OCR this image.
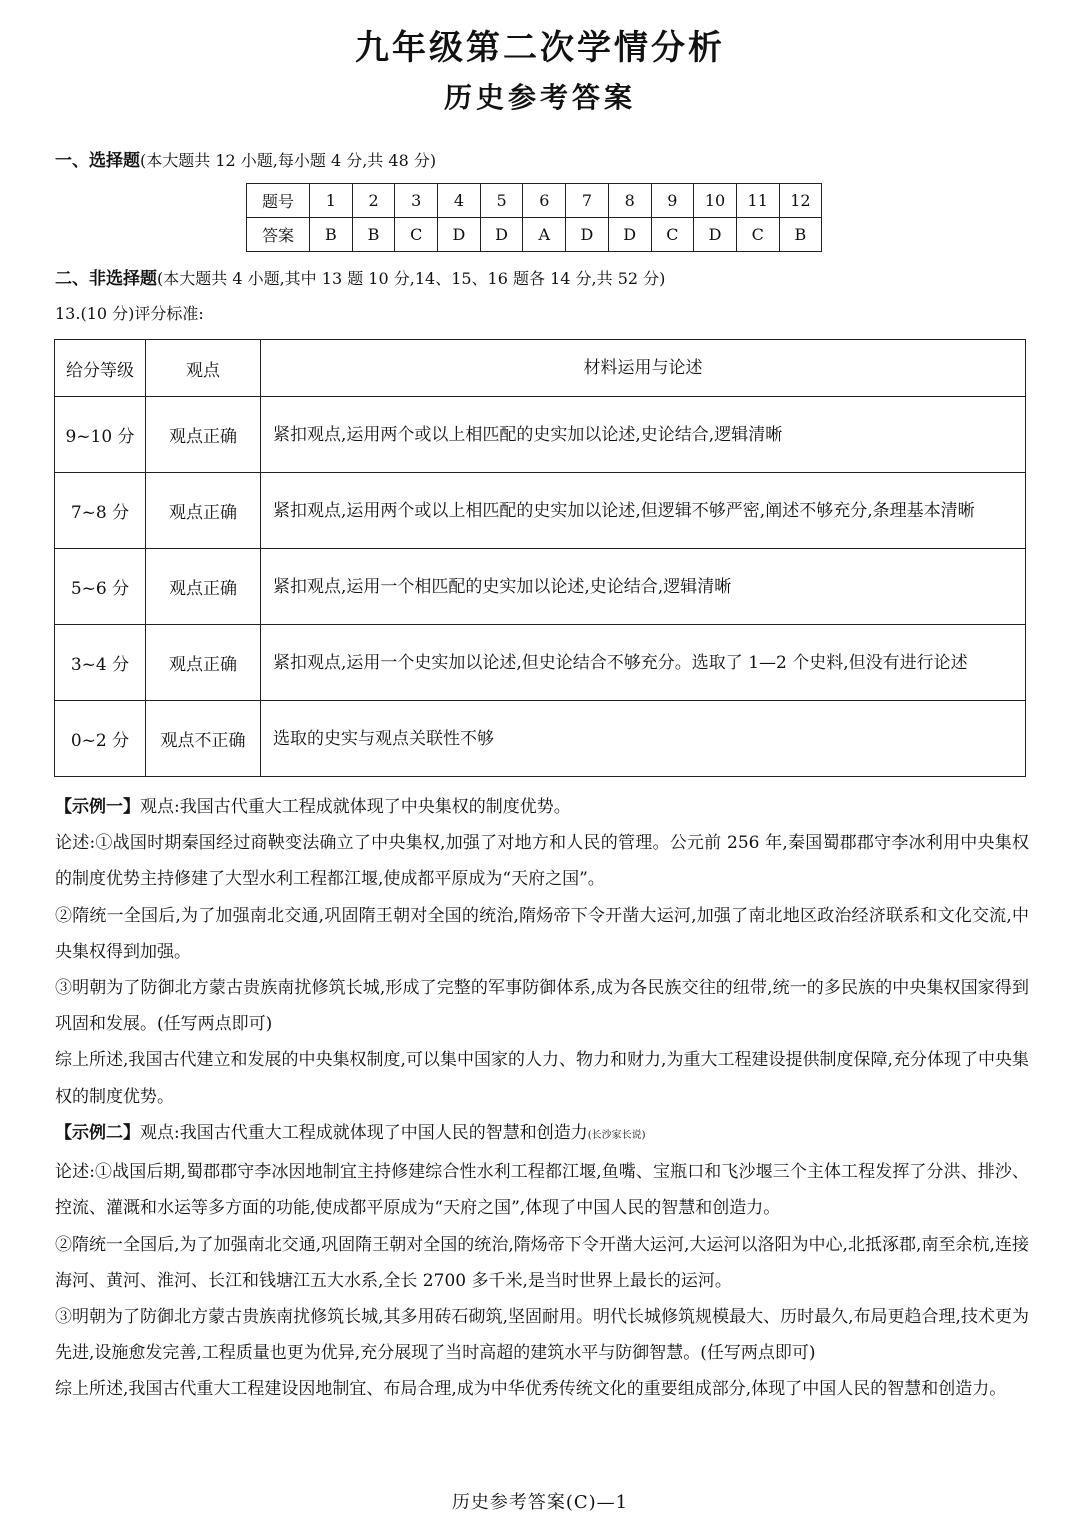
九年级第二次学情分析
历史参考答案
一、选择题(本大题共 12 小题,每小题 4 分,共 48 分)
题号	1	2	3	4	5	6	7	8	9	10	11	12
答案	B	B	C	D	D	A	D	D	C	D	C	B
二、非选择题(本大题共 4 小题,其中 13 题 10 分,14、15、16 题各 14 分,共 52 分)
13.(10 分)评分标准:
给分等级	观点	材料运用与论述
9~10 分	观点正确	紧扣观点,运用两个或以上相匹配的史实加以论述,史论结合,逻辑清晰
7~8 分	观点正确	紧扣观点,运用两个或以上相匹配的史实加以论述,但逻辑不够严密,阐述不够充分,条理基本清晰
5~6 分	观点正确	紧扣观点,运用一个相匹配的史实加以论述,史论结合,逻辑清晰
3~4 分	观点正确	紧扣观点,运用一个史实加以论述,但史论结合不够充分。选取了 1—2 个史料,但没有进行论述
0~2 分	观点不正确	选取的史实与观点关联性不够

【示例一】观点:我国古代重大工程成就体现了中央集权的制度优势。

论述:①战国时期秦国经过商鞅变法确立了中央集权,加强了对地方和人民的管理。公元前 256 年,秦国蜀郡郡守李冰利用中央集权的制度优势主持修建了大型水利工程都江堰,使成都平原成为“天府之国”。

②隋统一全国后,为了加强南北交通,巩固隋王朝对全国的统治,隋炀帝下令开凿大运河,加强了南北地区政治经济联系和文化交流,中央集权得到加强。

③明朝为了防御北方蒙古贵族南扰修筑长城,形成了完整的军事防御体系,成为各民族交往的纽带,统一的多民族的中央集权国家得到巩固和发展。(任写两点即可)

综上所述,我国古代建立和发展的中央集权制度,可以集中国家的人力、物力和财力,为重大工程建设提供制度保障,充分体现了中央集权的制度优势。

【示例二】观点:我国古代重大工程成就体现了中国人民的智慧和创造力(长沙家长说)

论述:①战国后期,蜀郡郡守李冰因地制宜主持修建综合性水利工程都江堰,鱼嘴、宝瓶口和飞沙堰三个主体工程发挥了分洪、排沙、控流、灌溉和水运等多方面的功能,使成都平原成为“天府之国”,体现了中国人民的智慧和创造力。

②隋统一全国后,为了加强南北交通,巩固隋王朝对全国的统治,隋炀帝下令开凿大运河,大运河以洛阳为中心,北抵涿郡,南至余杭,连接海河、黄河、淮河、长江和钱塘江五大水系,全长 2700 多千米,是当时世界上最长的运河。

③明朝为了防御北方蒙古贵族南扰修筑长城,其多用砖石砌筑,坚固耐用。明代长城修筑规模最大、历时最久,布局更趋合理,技术更为先进,设施愈发完善,工程质量也更为优异,充分展现了当时高超的建筑水平与防御智慧。(任写两点即可)

综上所述,我国古代重大工程建设因地制宜、布局合理,成为中华优秀传统文化的重要组成部分,体现了中国人民的智慧和创造力。

历史参考答案(C)—1
